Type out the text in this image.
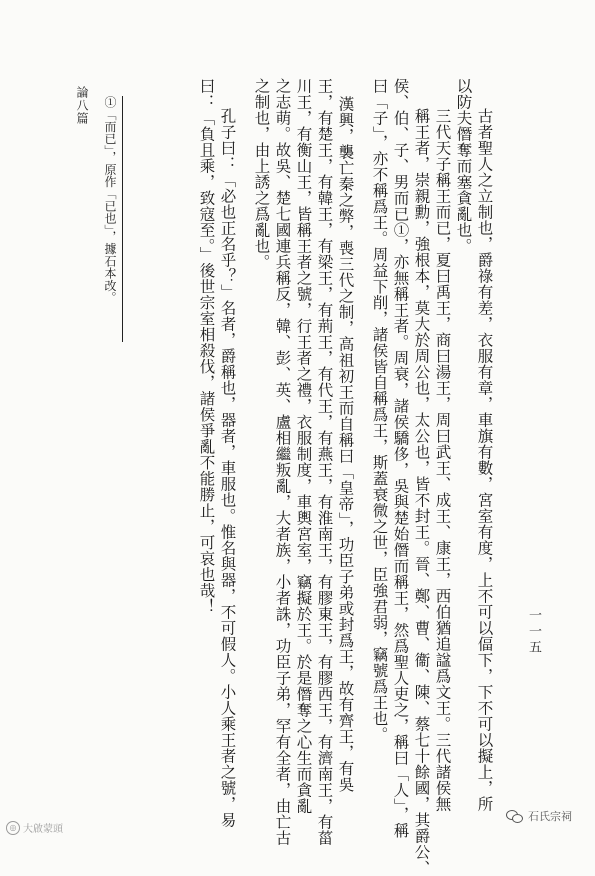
古者聖人之立制也，爵祿有差，衣服有章，車旗有數，宮室有度，上不可以偪下，下不可以擬上，所
以防夫僭奪而塞貪亂也。
三代天子稱王而已，夏曰禹王，商曰湯王，周曰武王、成王、康王，西伯猶追諡爲文王。三代諸侯無
稱王者，崇親勳，強根本，莫大於周公也，太公也，皆不封王。晉、鄭、曹、衞、陳、蔡七十餘國，其爵公、
侯、伯、子、男而已①，亦無稱王者。周衰，諸侯驕侈，吳與楚始僭而稱王，然爲聖人吏之，稱曰「人」，稱
曰「子」，亦不稱爲王。周益下削，諸侯皆自稱爲王，斯蓋衰微之世，臣強君弱，竊號爲王也。
漢興，襲亡秦之弊，喪三代之制，高祖初王而自稱曰「皇帝」，功臣子弟或封爲王，故有齊王，有吳
王，有楚王，有韓王，有梁王，有荊王，有代王，有燕王，有淮南王，有膠東王，有膠西王，有濟南王，有菑
川王，有衡山王，皆稱王者之號，行王者之禮，衣服制度，車輿宮室，竊擬於王。於是僭奪之心生而貪亂
之志萌。故吳、楚七國連兵稱反，韓、彭、英、盧相繼叛亂，大者族，小者誅，功臣子弟，罕有全者，由亡古
之制也，由上誘之爲亂也。
孔子曰：「必也正名乎？」名者，爵稱也，器者，車服也。惟名與器，不可假人。小人乘王者之號，易
曰：「負且乘，致寇至。」後世宗室相殺伐，諸侯爭亂不能勝止，可哀也哉！
①「而已」，原作「已也」，據石本改。
論八篇
一一五
◎ 大啟蒙頭
石氏宗祠
